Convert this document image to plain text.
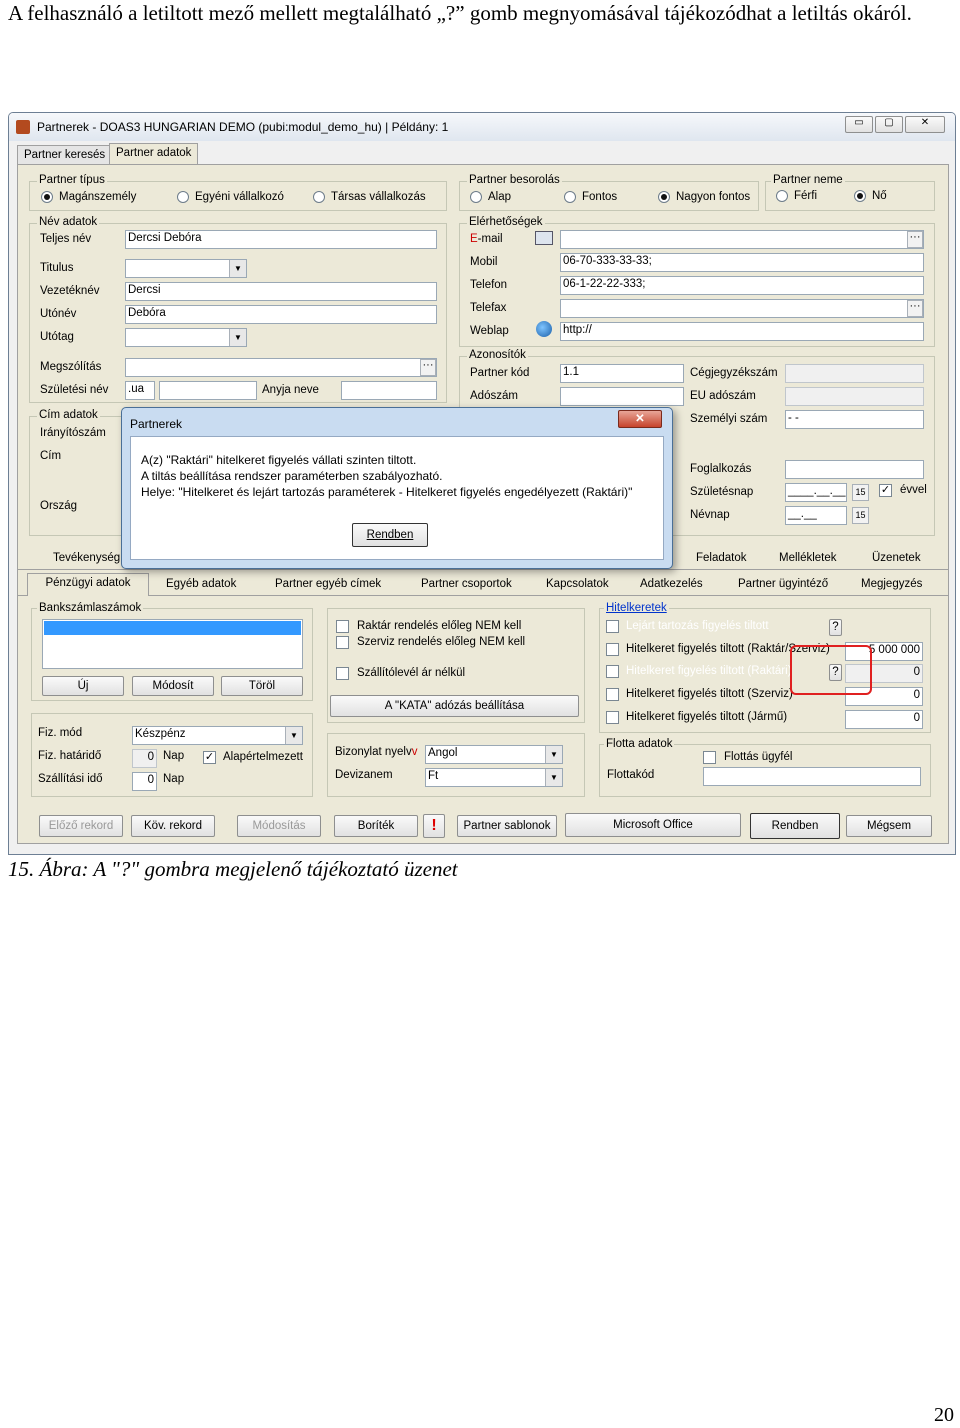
A felhasználó a letiltott mező mellett megtalálható „?” gomb megnyomásával tájékozódhat a letiltás okáról.
Partnerek - DOAS3 HUNGARIAN DEMO (pubi:modul_demo_hu) | Példány: 1	▭	▢	✕
Partner keresés Partner adatok
Partner típus
Magánszemély	Egyéni vállalkozó	Társas vállalkozás
Partner besorolás
Alap	Fontos	Nagyon fontos
Partner neme
Férfi	Nő
Név adatok
Teljes név	Dercsi Debóra
Titulus	▼
Vezetéknév Dercsi
Utónév	Debóra
Utótag	▼
Megszólítás	···
Születési név .ua	Anyja neve
Elérhetőségek
E-mail	···
Mobil	06-70-333-33-33;
Telefon	06-1-22-22-333;
Telefax	···
Weblap	http://
Azonosítók
Partner kód	1.1	Cégjegyzékszám
Adószám	EU adószám
Személyi szám - -
Foglalkozás
Születésnap	____.__.__	15	✓ évvel
Névnap	__.__	15
Cím adatok
Irányítószám
Cím
Ország
Tevékenység	Feladatok	Mellékletek	Üzenetek
Pénzügyi adatok	Egyéb adatok	Partner egyéb címek	Partner csoportok	Kapcsolatok	Adatkezelés	Partner ügyintéző	Megjegyzés
Bankszámlaszámok
Új	Módosít	Töröl
Fiz. mód	Készpénz	▼
Fiz. határidő	0 Nap ✓ Alapértelmezett
Szállítási idő	0 Nap
Raktár rendelés előleg NEM kell
Szerviz rendelés előleg NEM kell
Szállítólevél ár nélkül
A "KATA" adózás beállítása
Bizonylat nyelvv Angol	▼
Devizanem	Ft	▼
Hitelkeretek
Lejárt tartozás figyelés tiltott	?
Hitelkeret figyelés tiltott (Raktár/Szerviz)	5 000 000
Hitelkeret figyelés tiltott (Raktári)	?	0
Hitelkeret figyelés tiltott (Szerviz)	0
Hitelkeret figyelés tiltott (Jármű)	0
Flotta adatok
Flottás ügyfél
Flottakód
Előző rekord	Köv. rekord	Módosítás	Boríték	!	Partner sablonok	Microsoft Office	Rendben	Mégsem
Partnerek	✕
A(z) "Raktári" hitelkeret figyelés vállati szinten tiltott.
A tiltás beállítása rendszer paraméterben szabályozható.
Helye: "Hitelkeret és lejárt tartozás paraméterek - Hitelkeret figyelés engedélyezett (Raktári)"
Rendben
15. Ábra: A "?" gombra megjelenő tájékoztató üzenet
20
